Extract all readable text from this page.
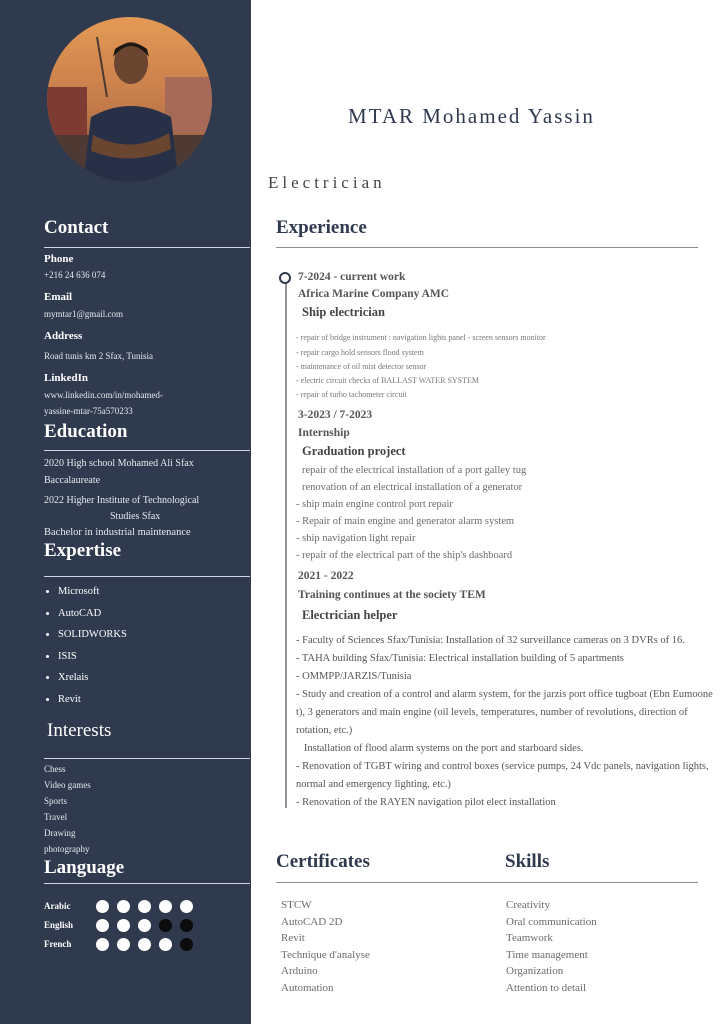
Contact
Phone
+216 24 636 074
Email
mymtar1@gmail.com
Address
Road tunis km 2 Sfax, Tunisia
LinkedIn
www.linkedin.com/in/mohamed-
yassine-mtar-75a570233
Education
2020 High school Mohamed Ali Sfax
Baccalaureate
2022 Higher Institute of Technological
Studies Sfax
Bachelor in industrial maintenance
Expertise
• Microsoft
• AutoCAD
• SOLIDWORKS
• ISIS
• Xrelais
• Revit
Interests
Chess
Video games
Sports
Travel
Drawing
photography
Language
Arabic
English
French
MTAR Mohamed Yassin
Electrician
Experience
7-2024 - current work
Africa Marine Company AMC
Ship electrician
- repair of bridge instrument : navigation lights panel - screen sensors monitor
- repair cargo hold sensors flood system
- maintenance of oil mist detector sensor
- electric circuit checks of BALLAST WATER SYSTEM
- repair of turbo tachometer circuit
3-2023 / 7-2023
Internship
Graduation project
repair of the electrical installation of a port galley tug
renovation of an electrical installation of a generator
- ship main engine control port repair
- Repair of main engine and generator alarm system
- ship navigation light repair
- repair of the electrical part of the ship's dashboard
2021 - 2022
Training continues at the society TEM
Electrician helper
- Faculty of Sciences Sfax/Tunisia: Installation of 32 surveillance cameras on 3 DVRs of 16.
- TAHA building Sfax/Tunisia: Electrical installation building of 5 apartments
- OMMPP/JARZIS/Tunisia
- Study and creation of a control and alarm system, for the jarzis port office tugboat (Ebn Eumoone t), 3 generators and main engine (oil levels, temperatures, number of revolutions, direction of rotation, etc.)
Installation of flood alarm systems on the port and starboard sides.
- Renovation of TGBT wiring and control boxes (service pumps, 24 Vdc panels, navigation lights, normal and emergency lighting, etc.)
- Renovation of the RAYEN navigation pilot elect installation
Certificates	Skills
STCW
AutoCAD 2D
Revit
Technique d'analyse
Arduino
Automation
Creativity
Oral communication
Teamwork
Time management
Organization
Attention to detail
